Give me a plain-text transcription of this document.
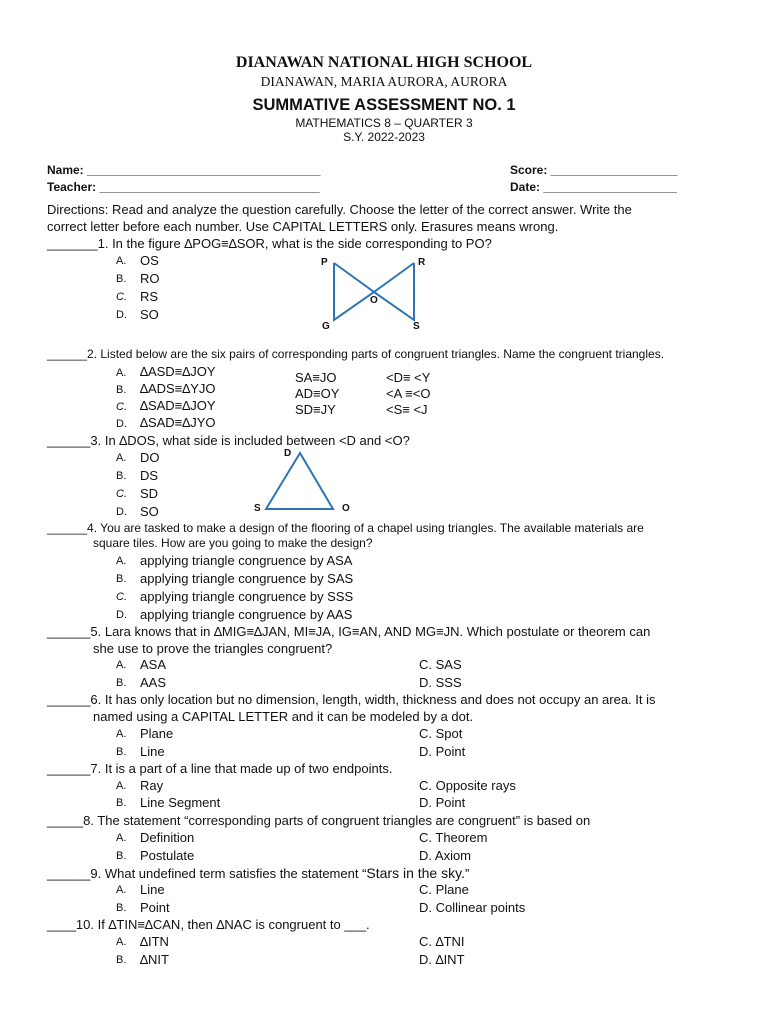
DIANAWAN NATIONAL HIGH SCHOOL
DIANAWAN, MARIA AURORA, AURORA
SUMMATIVE ASSESSMENT NO. 1
MATHEMATICS 8 – QUARTER 3
S.Y. 2022-2023
Name: ___________________________________	Score: ___________________
Teacher: _________________________________	Date: ____________________
Directions: Read and analyze the question carefully. Choose the letter of the correct answer. Write the
correct letter before each number. Use CAPITAL LETTERS only. Erasures means wrong.
_______1. In the figure ∆POG≡∆SOR, what is the side corresponding to PO?
A. OS
B. RO
C. RS
D. SO
P	R
O
G	S
______2. Listed below are the six pairs of corresponding parts of congruent triangles. Name the congruent triangles.
A. ∆ASD≡∆JOY
B. ∆ADS≡∆YJO
C. ∆SAD≡∆JOY
D. ∆SAD≡∆JYO
SA≡JO	<D≡ <Y
AD≡OY	<A ≡<O
SD≡JY	<S≡ <J
______3. In ∆DOS, what side is included between <D and <O?
A. DO
B. DS
C. SD
D. SO
D
S	O
______4. You are tasked to make a design of the flooring of a chapel using triangles. The available materials are
square tiles. How are you going to make the design?
A. applying triangle congruence by ASA
B. applying triangle congruence by SAS
C. applying triangle congruence by SSS
D. applying triangle congruence by AAS
______5. Lara knows that in ∆MIG≡∆JAN, MI≡JA, IG≡AN, AND MG≡JN. Which postulate or theorem can
she use to prove the triangles congruent?
A. ASA
B. AAS
C. SAS
D. SSS
______6. It has only location but no dimension, length, width, thickness and does not occupy an area. It is
named using a CAPITAL LETTER and it can be modeled by a dot.
A. Plane
B. Line
C. Spot
D. Point
______7. It is a part of a line that made up of two endpoints.
A. Ray
B. Line Segment
C. Opposite rays
D. Point
_____8. The statement “corresponding parts of congruent triangles are congruent” is based on
A. Definition
B. Postulate
C. Theorem
D. Axiom
______9. What undefined term satisfies the statement “Stars in the sky.”
A. Line
B. Point
C. Plane
D. Collinear points
____10. If ∆TIN≡∆CAN, then ∆NAC is congruent to ___.
A. ∆ITN
B. ∆NIT
C. ∆TNI
D. ∆INT
